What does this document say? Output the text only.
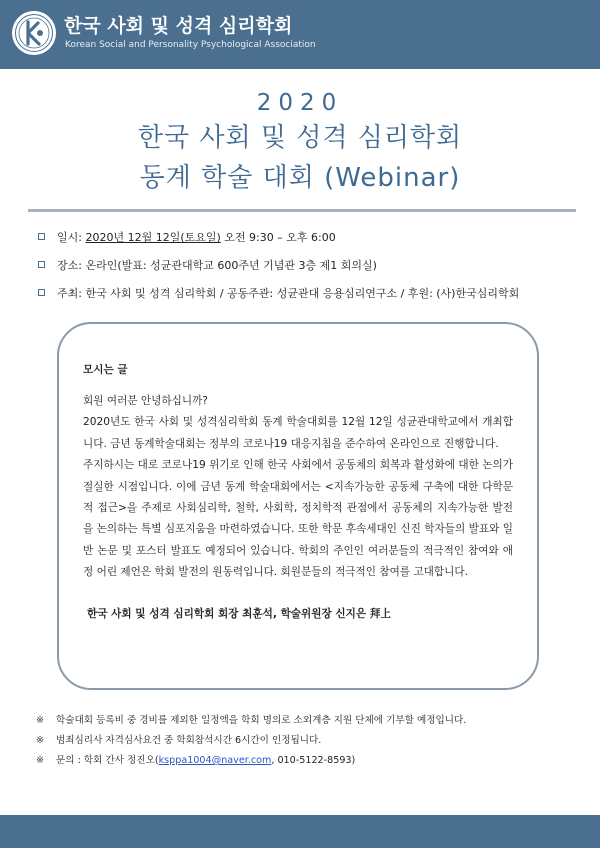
한국 사회 및 성격 심리학회
Korean Social and Personality Psychological Association
2020
한국 사회 및 성격 심리학회
동계 학술 대회 (Webinar)
일시: 2020년 12월 12일(토요일) 오전 9:30 – 오후 6:00
장소: 온라인(발표: 성균관대학교 600주년 기념관 3층 제1 회의실)
주최: 한국 사회 및 성격 심리학회 / 공동주관: 성균관대 응용심리연구소 / 후원: (사)한국심리학회
모시는 글

회원 여러분 안녕하십니까?

2020년도 한국 사회 및 성격심리학회 동계 학술대회를 12월 12일 성균관대학교에서 개최합니다. 금년 동계학술대회는 정부의 코로나19 대응지침을 준수하여 온라인으로 진행합니다.

주지하시는 대로 코로나19 위기로 인해 한국 사회에서 공동체의 회복과 활성화에 대한 논의가 절실한 시점입니다. 이에 금년 동계 학술대회에서는 <지속가능한 공동체 구축에 대한 다학문적 접근>을 주제로 사회심리학, 철학, 사회학, 정치학적 관점에서 공동체의 지속가능한 발전을 논의하는 특별 심포지움을 마련하였습니다. 또한 학문 후속세대인 신진 학자들의 발표와 일반 논문 및 포스터 발표도 예정되어 있습니다. 학회의 주인인 여러분들의 적극적인 참여와 애정 어린 제언은 학회 발전의 원동력입니다. 회원분들의 적극적인 참여를 고대합니다.

한국 사회 및 성격 심리학회 회장 최훈석, 학술위원장 신지은 拜上
※ 학술대회 등록비 중 경비를 제외한 일정액을 학회 명의로 소외계층 지원 단체에 기부할 예정입니다.
※ 범죄심리사 자격심사요건 중 학회참석시간 6시간이 인정됩니다.
※ 문의 : 학회 간사 정진오(ksppa1004@naver.com, 010-5122-8593)
